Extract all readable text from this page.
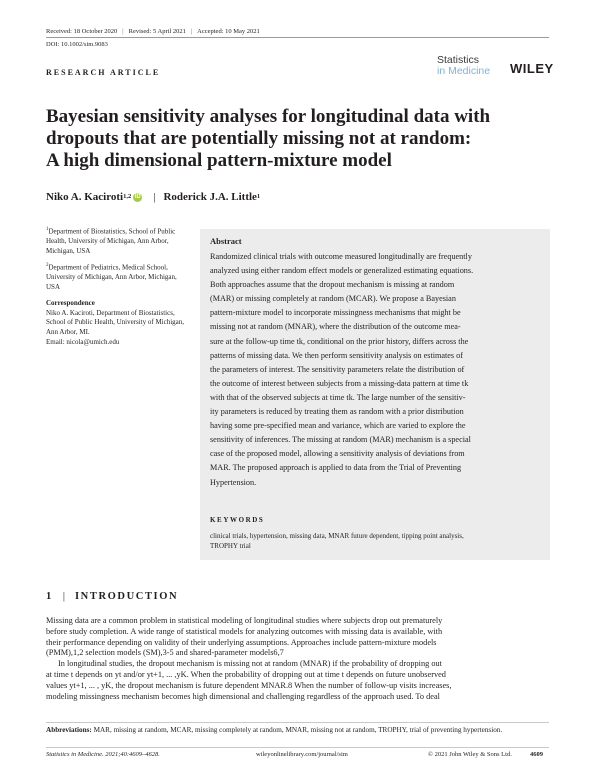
Received: 18 October 2020 | Revised: 5 April 2021 | Accepted: 10 May 2021
DOI: 10.1002/sim.9083
RESEARCH ARTICLE
Statistics
in Medicine WILEY
Bayesian sensitivity analyses for longitudinal data with
dropouts that are potentially missing not at random:
A high dimensional pattern-mixture model
Niko A. Kaciroti 1,2 iD | Roderick J.A. Little 1
$^1$Department of Biostatistics, School of Public Health, University of Michigan, Ann Arbor, Michigan, USA
$^2$Department of Pediatrics, Medical School, University of Michigan, Ann Arbor, Michigan, USA
Correspondence
Niko A. Kaciroti, Department of Biostatistics, School of Public Health, University of Michigan, Ann Arbor, MI.
Email: nicola@umich.edu
Abstract
Randomized clinical trials with outcome measured longitudinally are frequently
analyzed using either random effect models or generalized estimating equations.
Both approaches assume that the dropout mechanism is missing at random
(MAR) or missing completely at random (MCAR). We propose a Bayesian
pattern-mixture model to incorporate missingness mechanisms that might be
missing not at random (MNAR), where the distribution of the outcome mea-
sure at the follow-up time tk, conditional on the prior history, differs across the
patterns of missing data. We then perform sensitivity analysis on estimates of
the parameters of interest. The sensitivity parameters relate the distribution of
the outcome of interest between subjects from a missing-data pattern at time tk
with that of the observed subjects at time tk. The large number of the sensitiv-
ity parameters is reduced by treating them as random with a prior distribution
having some pre-specified mean and variance, which are varied to explore the
sensitivity of inferences. The missing at random (MAR) mechanism is a special
case of the proposed model, allowing a sensitivity analysis of deviations from
MAR. The proposed approach is applied to data from the Trial of Preventing
Hypertension.
KEYWORDS
clinical trials, hypertension, missing data, MNAR future dependent, tipping point analysis,
TROPHY trial
1 | INTRODUCTION
Missing data are a common problem in statistical modeling of longitudinal studies where subjects drop out prematurely
before study completion. A wide range of statistical models for analyzing outcomes with missing data is available, with
their performance depending on validity of their underlying assumptions. Approaches include pattern-mixture models
(PMM),1,2 selection models (SM),3-5 and shared-parameter models6,7
In longitudinal studies, the dropout mechanism is missing not at random (MNAR) if the probability of dropping out
at time t depends on yt and/or yt+1, ... ,yK. When the probability of dropping out at time t depends on future unobserved
values yt+1, ... , yK, the dropout mechanism is future dependent MNAR.8 When the number of follow-up visits increases,
modeling missingness mechanism becomes high dimensional and challenging regardless of the approach used. To deal
Abbreviations: MAR, missing at random, MCAR, missing completely at random, MNAR, missing not at random, TROPHY, trial of preventing hypertension.
Statistics in Medicine. 2021;40:4609–4628.	wileyonlinelibrary.com/journal/sim	© 2021 John Wiley & Sons Ltd.	4609
